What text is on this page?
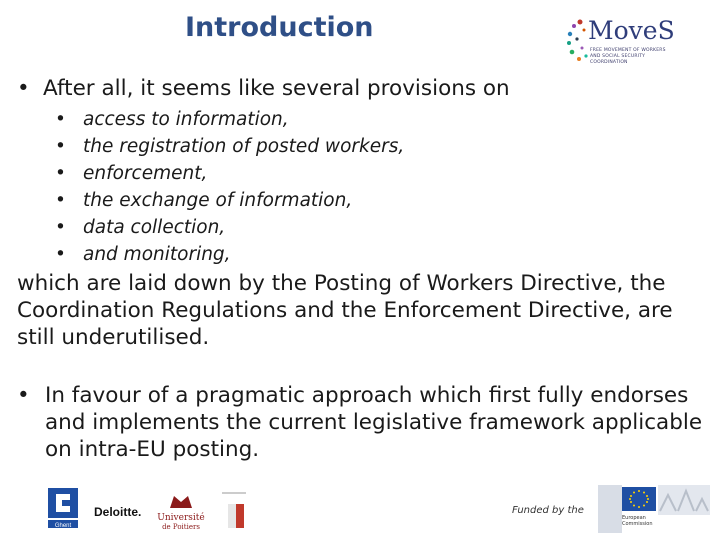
Introduction	MoveS
FREE MOVEMENT OF WORKERS AND SOCIAL SECURITY COORDINATION
• After all, it seems like several provisions on
• access to information,
• the registration of posted workers,
• enforcement,
• the exchange of information,
• data collection,
• and monitoring,

which are laid down by the Posting of Workers Directive, the Coordination Regulations and the Enforcement Directive, are still underutilised.

• In favour of a pragmatic approach which first fully endorses and implements the current legislative framework applicable on intra-EU posting.
Ghent
Deloitte. Université
de Poitiers
Funded by the
European Commission
